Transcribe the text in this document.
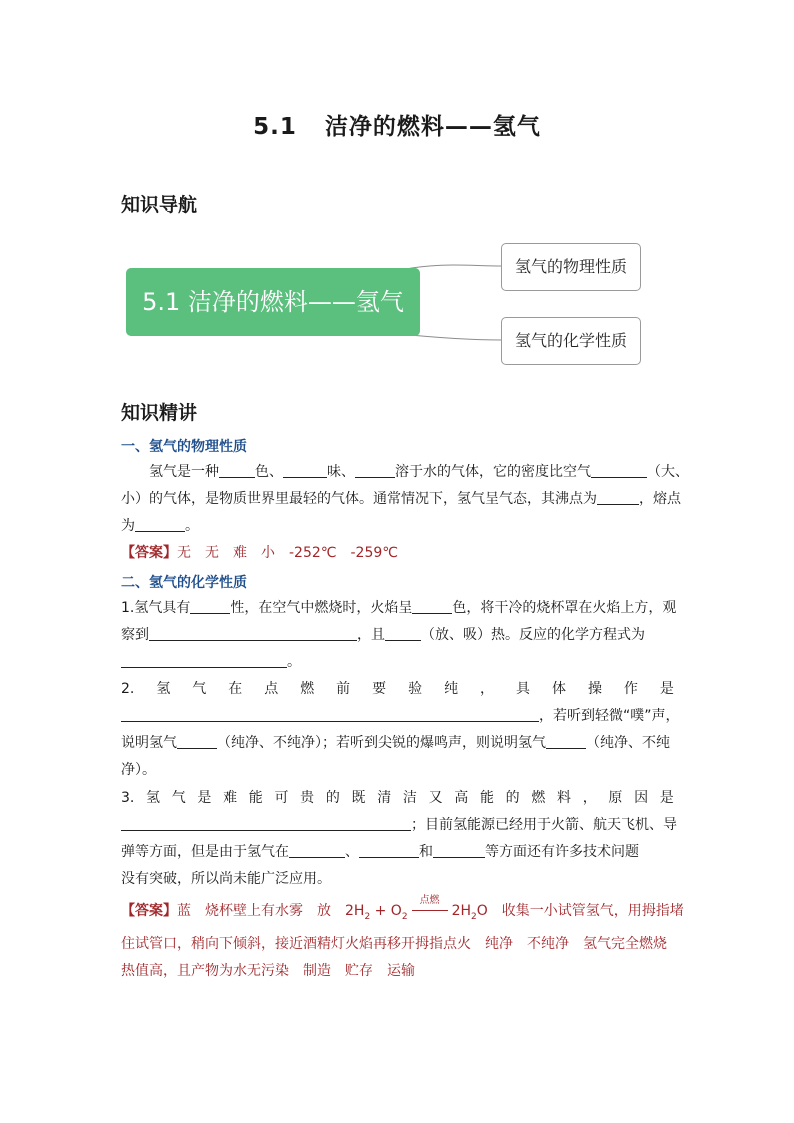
5.1 洁净的燃料——氢气
知识导航
5.1 洁净的燃料——氢气
氢气的物理性质
氢气的化学性质
知识精讲
一、氢气的物理性质
氢气是一种	色、	味、	溶于水的气体，它的密度比空气	（大、
小）的气体，是物质世界里最轻的气体。通常情况下，氢气呈气态，其沸点为	，熔点
为	。
【答案】无 无 难 小 -252℃ -259℃
二、氢气的化学性质
1.氢气具有	性，在空气中燃烧时，火焰呈	色，将干冷的烧杯罩在火焰上方，观
察到	，且	（放、吸）热。反应的化学方程式为
。
2. 氢 气 在 点 燃 前 要 验 纯 ， 具 体 操 作 是
，若听到轻微“噗”声，
说明氢气	（纯净、不纯净）；若听到尖锐的爆鸣声，则说明氢气	（纯净、不纯
净）。
3. 氢 气 是 难 能 可 贵 的 既 清 洁 又 高 能 的 燃 料 ， 原 因 是
；目前氢能源已经用于火箭、航天飞机、导
弹等方面，但是由于氢气在	、	和	等方面还有许多技术问题
没有突破，所以尚未能广泛应用。
【答案】蓝 烧杯壁上有水雾 放 $2H_2 + O_2$
点燃
$2H_2O$ 收集一小试管氢气，用拇指堵
住试管口，稍向下倾斜，接近酒精灯火焰再移开拇指点火 纯净 不纯净 氢气完全燃烧
热值高，且产物为水无污染 制造 贮存 运输
